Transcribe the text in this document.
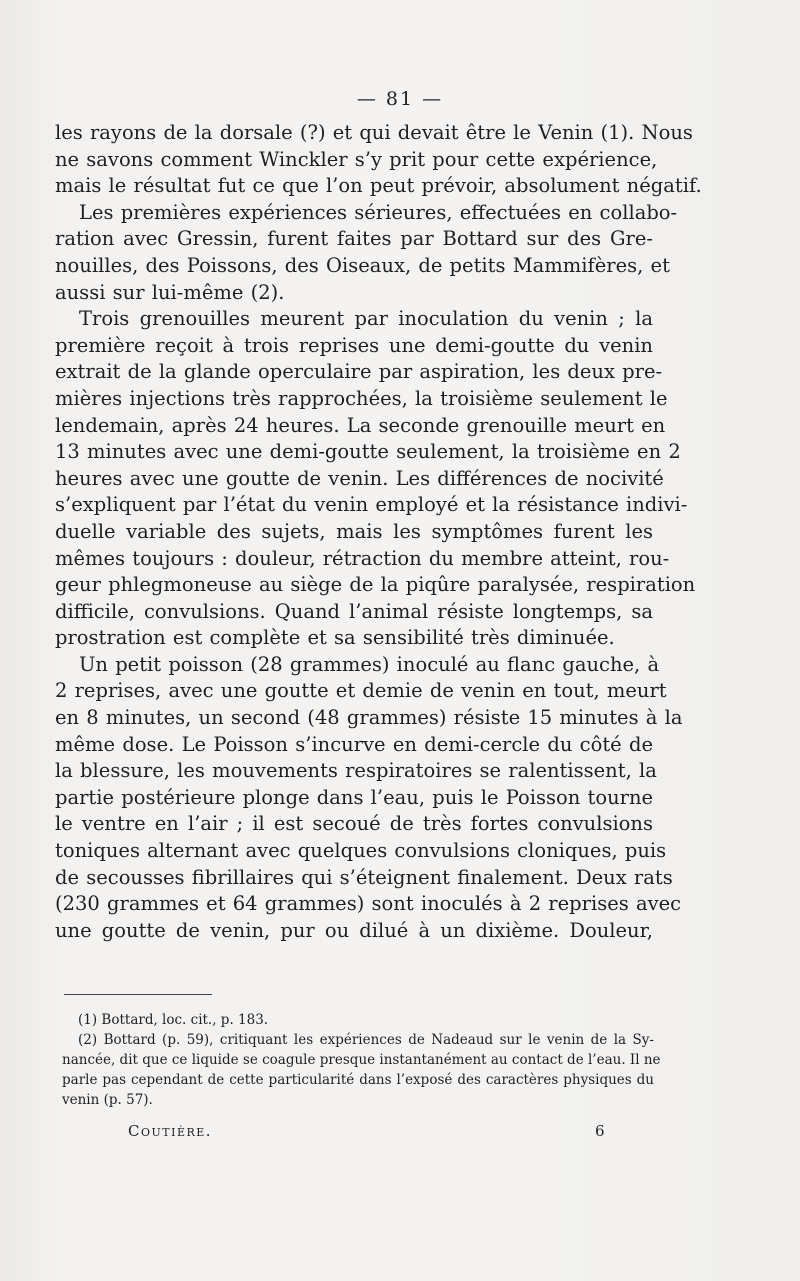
— 81 —
les rayons de la dorsale (?) et qui devait être le Venin (1). Nous
ne savons comment Winckler s’y prit pour cette expérience,
mais le résultat fut ce que l’on peut prévoir, absolument négatif.
Les premières expériences sérieures, effectuées en collabo-
ration avec Gressin, furent faites par Bottard sur des Gre-
nouilles, des Poissons, des Oiseaux, de petits Mammifères, et
aussi sur lui-même (2).
Trois grenouilles meurent par inoculation du venin ; la
première reçoit à trois reprises une demi-goutte du venin
extrait de la glande operculaire par aspiration, les deux pre-
mières injections très rapprochées, la troisième seulement le
lendemain, après 24 heures. La seconde grenouille meurt en
13 minutes avec une demi-goutte seulement, la troisième en 2
heures avec une goutte de venin. Les différences de nocivité
s’expliquent par l’état du venin employé et la résistance indivi-
duelle variable des sujets, mais les symptômes furent les
mêmes toujours : douleur, rétraction du membre atteint, rou-
geur phlegmoneuse au siège de la piqûre paralysée, respiration
difficile, convulsions. Quand l’animal résiste longtemps, sa
prostration est complète et sa sensibilité très diminuée.
Un petit poisson (28 grammes) inoculé au flanc gauche, à
2 reprises, avec une goutte et demie de venin en tout, meurt
en 8 minutes, un second (48 grammes) résiste 15 minutes à la
même dose. Le Poisson s’incurve en demi-cercle du côté de
la blessure, les mouvements respiratoires se ralentissent, la
partie postérieure plonge dans l’eau, puis le Poisson tourne
le ventre en l’air ; il est secoué de très fortes convulsions
toniques alternant avec quelques convulsions cloniques, puis
de secousses fibrillaires qui s’éteignent finalement. Deux rats
(230 grammes et 64 grammes) sont inoculés à 2 reprises avec
une goutte de venin, pur ou dilué à un dixième. Douleur,
(1) Bottard, loc. cit., p. 183.
(2) Bottard (p. 59), critiquant les expériences de Nadeaud sur le venin de la Sy-
nancée, dit que ce liquide se coagule presque instantanément au contact de l’eau. Il ne
parle pas cependant de cette particularité dans l’exposé des caractères physiques du
venin (p. 57).
Coutière.	6
